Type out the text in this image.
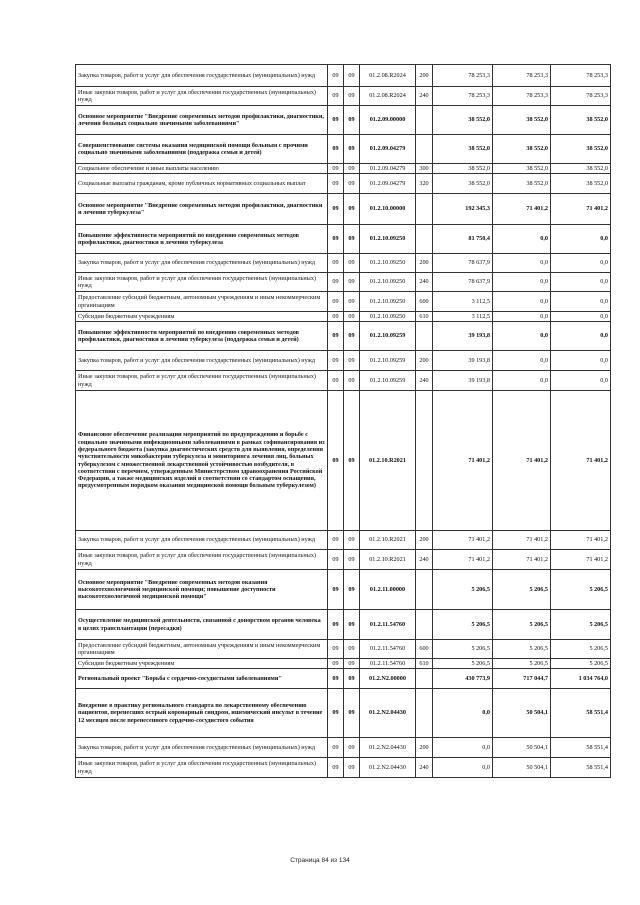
Закупка товаров, работ и услуг для обеспечения государственных (муниципальных) нужд	09	09	01.2.08.R2024	200	78 253,3	78 253,3	78 253,3
Иные закупки товаров, работ и услуг для обеспечения государственных (муниципальных) нужд	09	09	01.2.08.R2024	240	78 253,3	78 253,3	78 253,3
Основное мероприятие "Внедрение современных методов профилактики, диагностики, лечения больных социально значимыми заболеваниями"	09	09	01.2.09.00000		38 552,0	38 552,0	38 552,0
Совершенствование системы оказания медицинской помощи больным с прочими социально значимыми заболеваниями (поддержка семьи и детей)	09	09	01.2.09.04279		38 552,0	38 552,0	38 552,0
Социальное обеспечение и иные выплаты населению	09	09	01.2.09.04279	300	38 552,0	38 552,0	38 552,0
Социальные выплаты гражданам, кроме публичных нормативных социальных выплат	09	09	01.2.09.04279	320	38 552,0	38 552,0	38 552,0
Основное мероприятие "Внедрение современных методов профилактики, диагностики и лечения туберкулеза"	09	09	01.2.10.00000		192 345,3	71 401,2	71 401,2
Повышение эффективности мероприятий по внедрению современных методов профилактики, диагностики и лечения туберкулеза	09	09	01.2.10.09250		81 750,4	0,0	0,0
Закупка товаров, работ и услуг для обеспечения государственных (муниципальных) нужд	09	09	01.2.10.09250	200	78 637,9	0,0	0,0
Иные закупки товаров, работ и услуг для обеспечения государственных (муниципальных) нужд	09	09	01.2.10.09250	240	78 637,9	0,0	0,0
Предоставление субсидий бюджетным, автономным учреждениям и иным некоммерческим организациям	09	09	01.2.10.09250	600	3 112,5	0,0	0,0
Субсидии бюджетным учреждениям	09	09	01.2.10.09250	610	3 112,5	0,0	0,0
Повышение эффективности мероприятий по внедрению современных методов профилактики, диагностики и лечения туберкулеза (поддержка семьи и детей)	09	09	01.2.10.09259		39 193,8	0,0	0,0
Закупка товаров, работ и услуг для обеспечения государственных (муниципальных) нужд	09	09	01.2.10.09259	200	39 193,8	0,0	0,0
Иные закупки товаров, работ и услуг для обеспечения государственных (муниципальных) нужд	09	09	01.2.10.09259	240	39 193,8	0,0	0,0
Финансовое обеспечение реализации мероприятий по предупреждению и борьбе с социально значимыми инфекционными заболеваниями в рамках софинансирования из федерального бюджета (закупка диагностических средств для выявления, определения чувствительности микобактерии туберкулеза и мониторинга лечения лиц, больных туберкулезом с множественной лекарственной устойчивостью возбудителя, в соответствии с перечнем, утвержденным Министерством здравоохранения Российской Федерации, а также медицинских изделий в соответствии со стандартом оснащения, предусмотренным порядком оказания медицинской помощи больным туберкулезом)	09	09	01.2.10.R2021		71 401,2	71 401,2	71 401,2
Закупка товаров, работ и услуг для обеспечения государственных (муниципальных) нужд	09	09	01.2.10.R2021	200	71 401,2	71 401,2	71 401,2
Иные закупки товаров, работ и услуг для обеспечения государственных (муниципальных) нужд	09	09	01.2.10.R2021	240	71 401,2	71 401,2	71 401,2
Основное мероприятие "Внедрение современных методов оказания высокотехнологичной медицинской помощи; повышение доступности высокотехнологичной медицинской помощи"	09	09	01.2.11.00000		5 206,5	5 206,5	5 206,5
Осуществление медицинской деятельности, связанной с донорством органов человека в целях трансплантации (пересадки)	09	09	01.2.11.54760		5 206,5	5 206,5	5 206,5
Предоставление субсидий бюджетным, автономным учреждениям и иным некоммерческим организациям	09	09	01.2.11.54760	600	5 206,5	5 206,5	5 206,5
Субсидии бюджетным учреждениям	09	09	01.2.11.54760	610	5 206,5	5 206,5	5 206,5
Региональный проект "Борьба с сердечно-сосудистыми заболеваниями"	09	09	01.2.N2.00000		430 773,9	717 044,7	1 034 764,0
Внедрение в практику регионального стандарта по лекарственному обеспечению пациентов, перенесших острый коронарный синдром, ишемический инсульт в течение 12 месяцев после перенесенного сердечно-сосудистого события	09	09	01.2.N2.04430		0,0	50 504,1	58 551,4
Закупка товаров, работ и услуг для обеспечения государственных (муниципальных) нужд	09	09	01.2.N2.04430	200	0,0	50 504,1	58 551,4
Иные закупки товаров, работ и услуг для обеспечения государственных (муниципальных) нужд	09	09	01.2.N2.04430	240	0,0	50 504,1	58 551,4
Страница 84 из 134
